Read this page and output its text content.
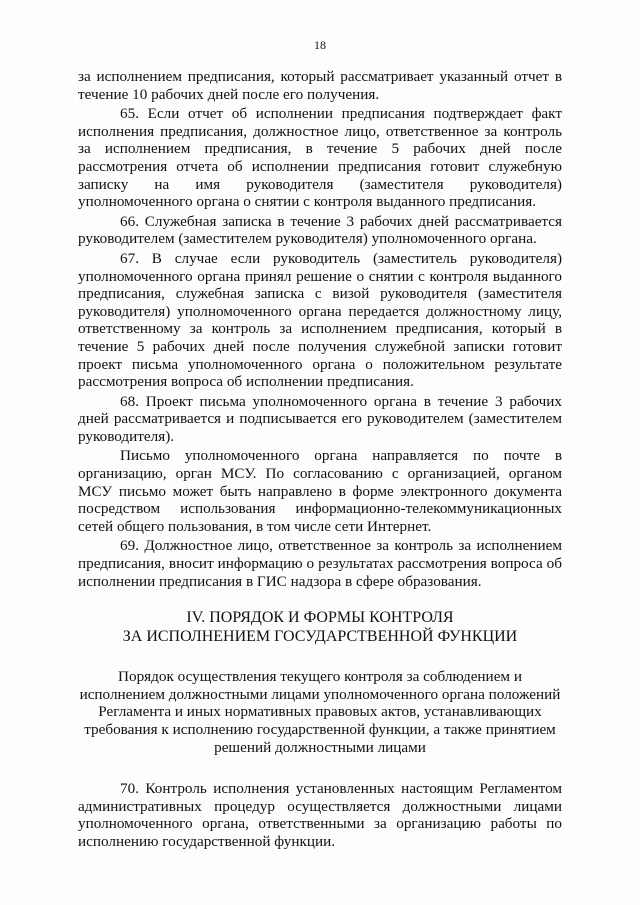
18

за исполнением предписания, который рассматривает указанный отчет в течение 10 рабочих дней после его получения.

65. Если отчет об исполнении предписания подтверждает факт исполнения предписания, должностное лицо, ответственное за контроль за исполнением предписания, в течение 5 рабочих дней после рассмотрения отчета об исполнении предписания готовит служебную записку на имя руководителя (заместителя руководителя) уполномоченного органа о снятии с контроля выданного предписания.

66. Служебная записка в течение 3 рабочих дней рассматривается руководителем (заместителем руководителя) уполномоченного органа.

67. В случае если руководитель (заместитель руководителя) уполномоченного органа принял решение о снятии с контроля выданного предписания, служебная записка с визой руководителя (заместителя руководителя) уполномоченного органа передается должностному лицу, ответственному за контроль за исполнением предписания, который в течение 5 рабочих дней после получения служебной записки готовит проект письма уполномоченного органа о положительном результате рассмотрения вопроса об исполнении предписания.

68. Проект письма уполномоченного органа в течение 3 рабочих дней рассматривается и подписывается его руководителем (заместителем руководителя).

Письмо уполномоченного органа направляется по почте в организацию, орган МСУ. По согласованию с организацией, органом МСУ письмо может быть направлено в форме электронного документа посредством использования информационно-телекоммуникационных сетей общего пользования, в том числе сети Интернет.

69. Должностное лицо, ответственное за контроль за исполнением предписания, вносит информацию о результатах рассмотрения вопроса об исполнении предписания в ГИС надзора в сфере образования.

IV. ПОРЯДОК И ФОРМЫ КОНТРОЛЯ
ЗА ИСПОЛНЕНИЕМ ГОСУДАРСТВЕННОЙ ФУНКЦИИ
Порядок осуществления текущего контроля за соблюдением и
исполнением должностными лицами уполномоченного органа положений
Регламента и иных нормативных правовых актов, устанавливающих
требования к исполнению государственной функции, а также принятием
решений должностными лицами

70. Контроль исполнения установленных настоящим Регламентом административных процедур осуществляется должностными лицами уполномоченного органа, ответственными за организацию работы по исполнению государственной функции.
